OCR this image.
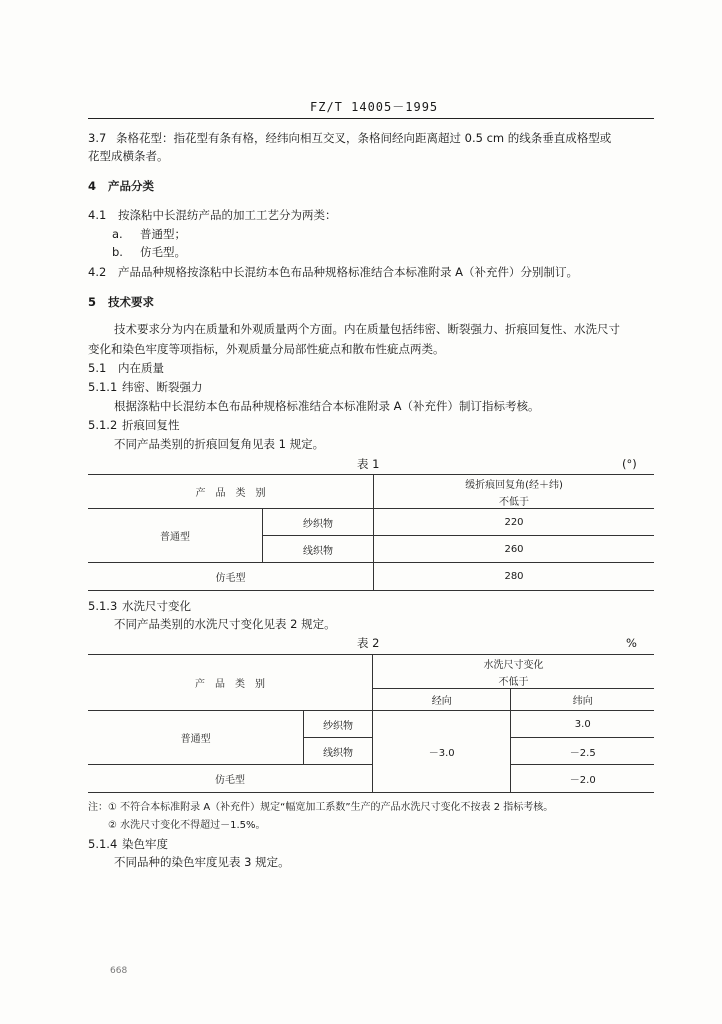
FZ/T 14005－1995
3.7 条格花型：指花型有条有格，经纬向相互交叉，条格间经向距离超过 0.5 cm 的线条垂直成格型或
花型成横条者。
4 产品分类
4.1 按涤粘中长混纺产品的加工工艺分为两类：
a. 普通型；
b. 仿毛型。
4.2 产品品种规格按涤粘中长混纺本色布品种规格标准结合本标准附录 A（补充件）分别制订。
5 技术要求
技术要求分为内在质量和外观质量两个方面。内在质量包括纬密、断裂强力、折痕回复性、水洗尺寸
变化和染色牢度等项指标，外观质量分局部性疵点和散布性疵点两类。
5.1 内在质量
5.1.1 纬密、断裂强力
根据涤粘中长混纺本色布品种规格标准结合本标准附录 A（补充件）制订指标考核。
5.1.2 折痕回复性
不同产品类别的折痕回复角见表 1 规定。
表 1	(°)
产　品　类　别		缓折痕回复角(经＋纬)
不低于

普通型	纱织物	220
	线织物	260
仿毛型		280
5.1.3 水洗尺寸变化
不同产品类别的水洗尺寸变化见表 2 规定。
表 2	%
产　品　类　别		水洗尺寸变化
不低于	

		经向	纬向
普通型	纱织物	－3.0	3.0
	线织物		－2.5
仿毛型			－2.0
注： ① 不符合本标准附录 A（补充件）规定“幅宽加工系数”生产的产品水洗尺寸变化不按表 2 指标考核。
② 水洗尺寸变化不得超过－1.5%。
5.1.4 染色牢度
不同品种的染色牢度见表 3 规定。
668
